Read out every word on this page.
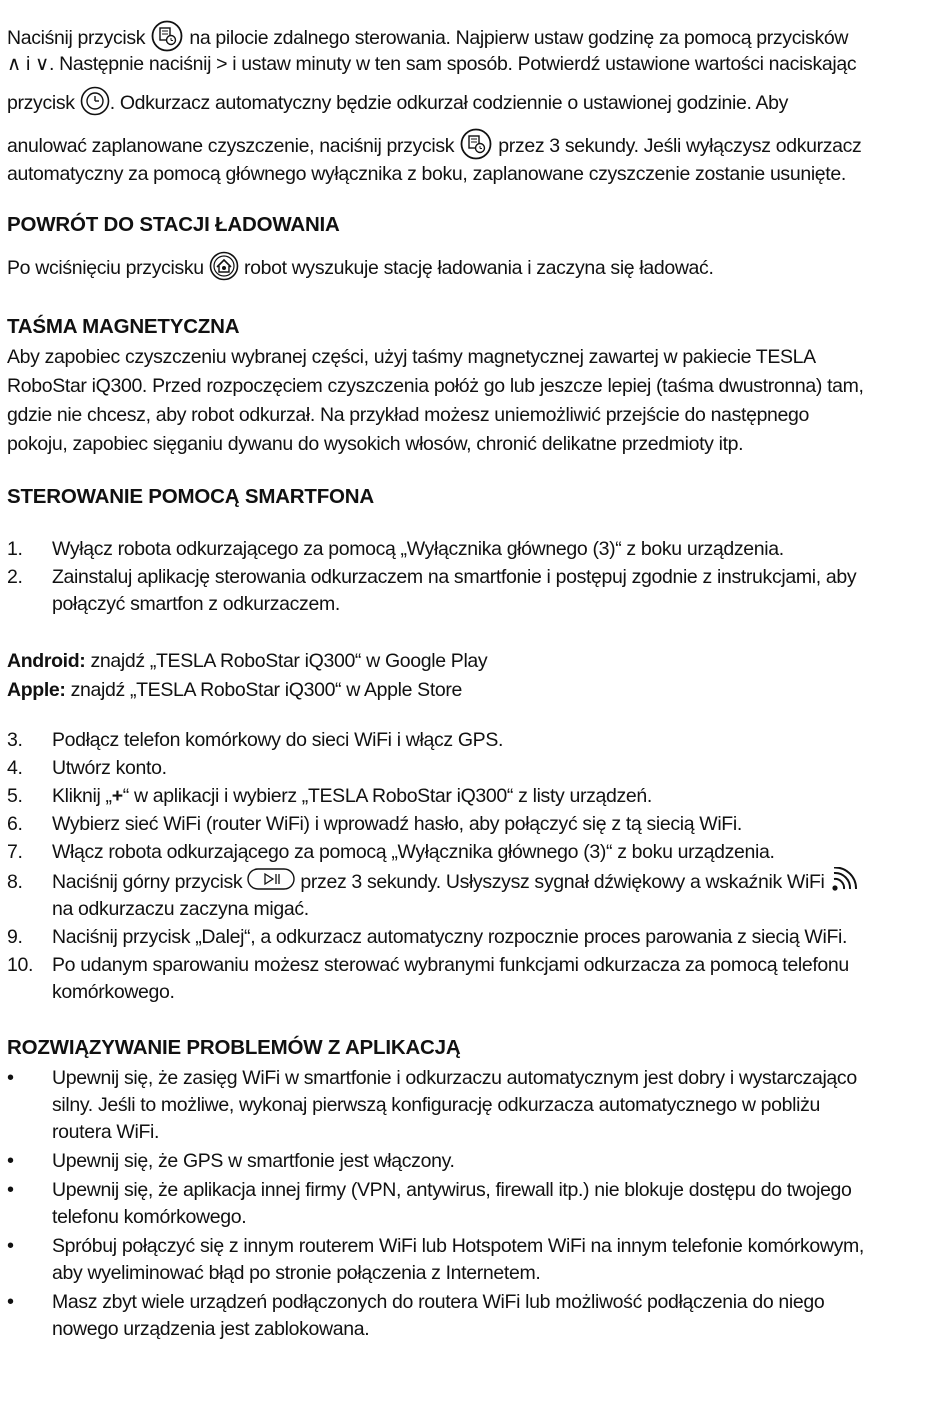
Naciśnij przycisk na pilocie zdalnego sterowania. Najpierw ustaw godzinę za pomocą przycisków
∧ i ∨. Następnie naciśnij > i ustaw minuty w ten sam sposób. Potwierdź ustawione wartości naciskając
przycisk . Odkurzacz automatyczny będzie odkurzał codziennie o ustawionej godzinie. Aby
anulować zaplanowane czyszczenie, naciśnij przycisk przez 3 sekundy. Jeśli wyłączysz odkurzacz
automatyczny za pomocą głównego wyłącznika z boku, zaplanowane czyszczenie zostanie usunięte.
POWRÓT DO STACJI ŁADOWANIA
Po wciśnięciu przycisku robot wyszukuje stację ładowania i zaczyna się ładować.
TAŚMA MAGNETYCZNA
Aby zapobiec czyszczeniu wybranej części, użyj taśmy magnetycznej zawartej w pakiecie TESLA
RoboStar iQ300. Przed rozpoczęciem czyszczenia połóż go lub jeszcze lepiej (taśma dwustronna) tam,
gdzie nie chcesz, aby robot odkurzał. Na przykład możesz uniemożliwić przejście do następnego
pokoju, zapobiec sięganiu dywanu do wysokich włosów, chronić delikatne przedmioty itp.
STEROWANIE POMOCĄ SMARTFONA
1.	Wyłącz robota odkurzającego za pomocą „Wyłącznika głównego (3)“ z boku urządzenia.
2.	Zainstaluj aplikację sterowania odkurzaczem na smartfonie i postępuj zgodnie z instrukcjami, aby
połączyć smartfon z odkurzaczem.
Android: znajdź „TESLA RoboStar iQ300“ w Google Play
Apple: znajdź „TESLA RoboStar iQ300“ w Apple Store
3.	Podłącz telefon komórkowy do sieci WiFi i włącz GPS.
4.	Utwórz konto.
5.	Kliknij „+“ w aplikacji i wybierz „TESLA RoboStar iQ300“ z listy urządzeń.
6.	Wybierz sieć WiFi (router WiFi) i wprowadź hasło, aby połączyć się z tą siecią WiFi.
7.	Włącz robota odkurzającego za pomocą „Wyłącznika głównego (3)“ z boku urządzenia.
8.	Naciśnij górny przycisk	przez 3 sekundy. Usłyszysz sygnał dźwiękowy a wskaźnik WiFi
na odkurzaczu zaczyna migać.
9.	Naciśnij przycisk „Dalej“, a odkurzacz automatyczny rozpocznie proces parowania z siecią WiFi.
10. Po udanym sparowaniu możesz sterować wybranymi funkcjami odkurzacza za pomocą telefonu
komórkowego.
ROZWIĄZYWANIE PROBLEMÓW Z APLIKACJĄ
•	Upewnij się, że zasięg WiFi w smartfonie i odkurzaczu automatycznym jest dobry i wystarczająco
silny. Jeśli to możliwe, wykonaj pierwszą konfigurację odkurzacza automatycznego w pobliżu
routera WiFi.
•	Upewnij się, że GPS w smartfonie jest włączony.
•	Upewnij się, że aplikacja innej firmy (VPN, antywirus, firewall itp.) nie blokuje dostępu do twojego
telefonu komórkowego.
•	Spróbuj połączyć się z innym routerem WiFi lub Hotspotem WiFi na innym telefonie komórkowym,
aby wyeliminować błąd po stronie połączenia z Internetem.
•	Masz zbyt wiele urządzeń podłączonych do routera WiFi lub możliwość podłączenia do niego
nowego urządzenia jest zablokowana.
